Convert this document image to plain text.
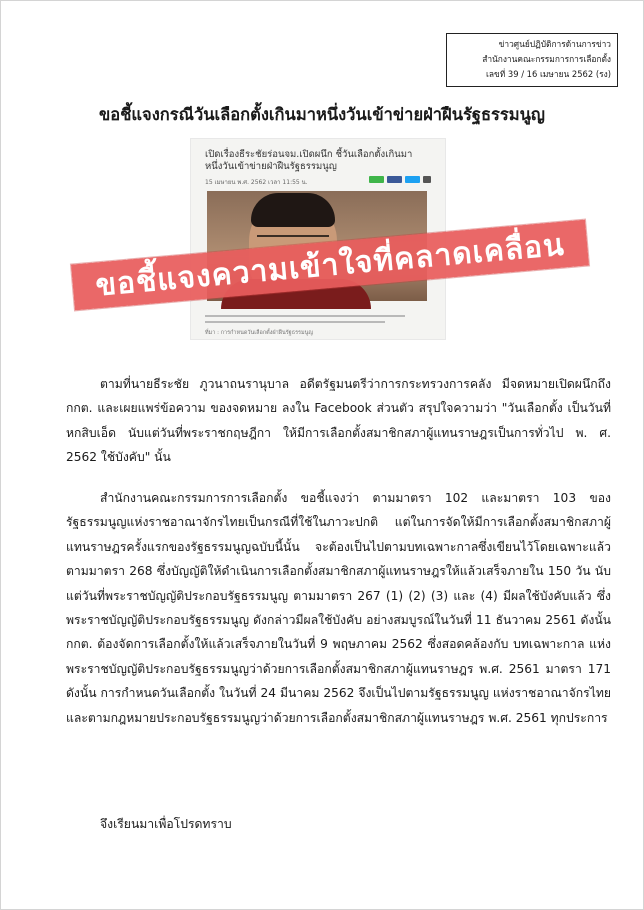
ข่าวศูนย์ปฏิบัติการด้านการข่าว
สำนักงานคณะกรรมการการเลือกตั้ง
เลขที่ 39 / 16 เมษายน 2562 (รง)
ขอชี้แจงกรณีวันเลือกตั้งเกินมาหนึ่งวันเข้าข่ายฝ่าฝืนรัฐธรรมนูญ
เปิดเรื่องธีระชัยร่อนจม.เปิดผนึก ชี้วันเลือกตั้งเกินมาหนึ่งวันเข้าข่ายฝ่าฝืนรัฐธรรมนูญ
15 เมษายน พ.ศ. 2562 เวลา 11:55 น.
ที่มา : การกำหนดวันเลือกตั้งฝ่าฝืนรัฐธรรมนูญ
ขอชี้แจงความเข้าใจที่คลาดเคลื่อน
ตามที่นายธีระชัย ภูวนาถนรานุบาล อดีตรัฐมนตรีว่าการกระทรวงการคลัง มีจดหมายเปิดผนึกถึง กกต. และเผยแพร่ข้อความ ของจดหมาย ลงใน Facebook ส่วนตัว สรุปใจความว่า "วันเลือกตั้ง เป็นวันที่ หกสิบเอ็ด นับแต่วันที่พระราชกฤษฎีกา ให้มีการเลือกตั้งสมาชิกสภาผู้แทนราษฎรเป็นการทั่วไป พ. ศ. 2562 ใช้บังคับ" นั้น
สำนักงานคณะกรรมการการเลือกตั้ง ขอชี้แจงว่า ตามมาตรา 102 และมาตรา 103 ของรัฐธรรมนูญแห่งราชอาณาจักรไทยเป็นกรณีที่ใช้ในภาวะปกติ แต่ในการจัดให้มีการเลือกตั้งสมาชิกสภาผู้แทนราษฎรครั้งแรกของรัฐธรรมนูญฉบับนี้นั้น จะต้องเป็นไปตามบทเฉพาะกาลซึ่งเขียนไว้โดยเฉพาะแล้ว ตามมาตรา 268 ซึ่งบัญญัติให้ดำเนินการเลือกตั้งสมาชิกสภาผู้แทนราษฎรให้แล้วเสร็จภายใน 150 วัน นับแต่วันที่พระราชบัญญัติประกอบรัฐธรรมนูญ ตามมาตรา 267 (1) (2) (3) และ (4) มีผลใช้บังคับแล้ว ซึ่งพระราชบัญญัติประกอบรัฐธรรมนูญ ดังกล่าวมีผลใช้บังคับ อย่างสมบูรณ์ในวันที่ 11 ธันวาคม 2561 ดังนั้น กกต. ต้องจัดการเลือกตั้งให้แล้วเสร็จภายในวันที่ 9 พฤษภาคม 2562 ซึ่งสอดคล้องกับ บทเฉพาะกาล แห่งพระราชบัญญัติประกอบรัฐธรรมนูญว่าด้วยการเลือกตั้งสมาชิกสภาผู้แทนราษฎร พ.ศ. 2561 มาตรา 171 ดังนั้น การกำหนดวันเลือกตั้ง ในวันที่ 24 มีนาคม 2562 จึงเป็นไปตามรัฐธรรมนูญ แห่งราชอาณาจักรไทย และตามกฎหมายประกอบรัฐธรรมนูญว่าด้วยการเลือกตั้งสมาชิกสภาผู้แทนราษฎร พ.ศ. 2561 ทุกประการ
จึงเรียนมาเพื่อโปรดทราบ
